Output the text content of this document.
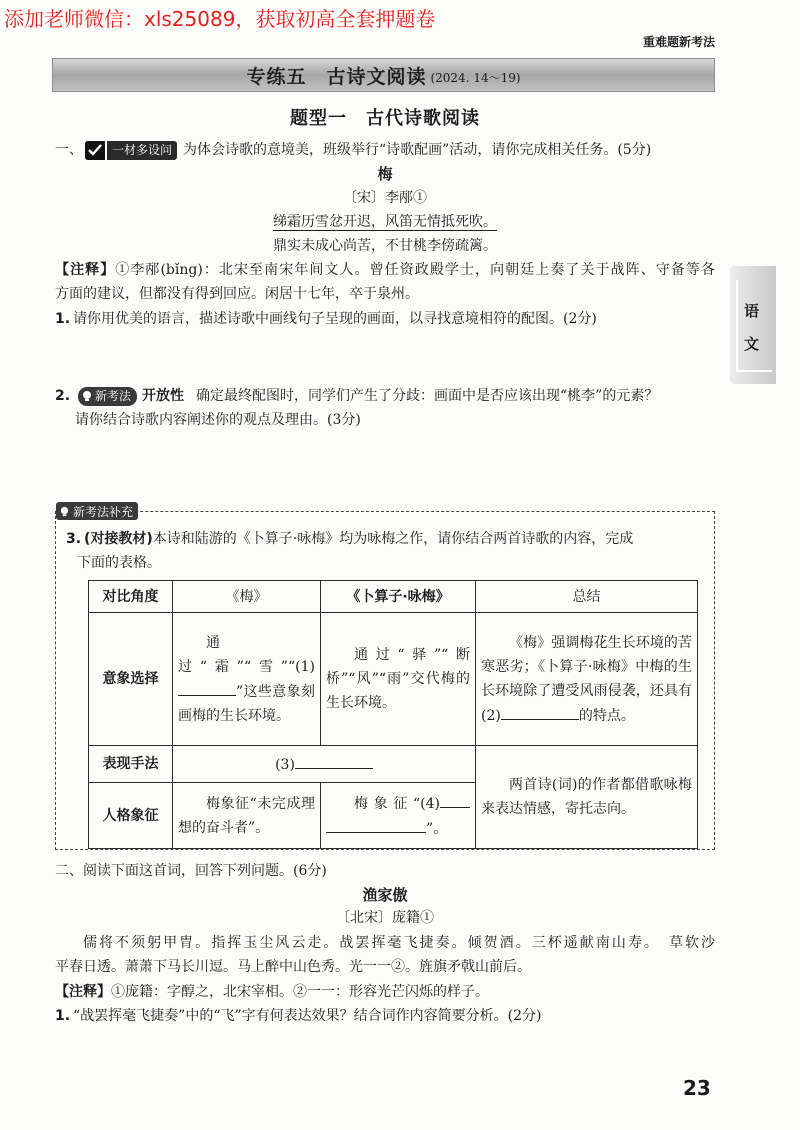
添加老师微信：xls25089，获取初高全套押题卷
重难题新考法
专练五　古诗文阅读 (2024. 14～19)
题型一　古代诗歌阅读
一、	一材多设问 为体会诗歌的意境美，班级举行“诗歌配画”活动，请你完成相关任务。(5分)
梅
〔宋〕李邴①
绨霜历雪忿开迟，风笛无情抵死吹。
鼎实未成心尚苦，不甘桃李傍疏篱。
【注释】①李邴(bǐng)：北宋至南宋年间文人。曾任资政殿学士，向朝廷上奏了关于战阵、守备等各
方面的建议，但都没有得到回应。闲居十七年，卒于泉州。
1. 请你用优美的语言，描述诗歌中画线句子呈现的画面，以寻找意境相符的配图。(2分)
2. 新考法 开放性 确定最终配图时，同学们产生了分歧：画面中是否应该出现“桃李”的元素？
请你结合诗歌内容阐述你的观点及理由。(3分)
新考法补充
3. (对接教材) 本诗和陆游的《卜算子·咏梅》均为咏梅之作，请你结合两首诗歌的内容，完成
下面的表格。
对比角度	《梅》	《卜算子·咏梅》	总结
意象选择	通过“霜”“雪”“(1)”这些意象刻画梅的生长环境。	通过“驿”“断桥”“风”“雨”交代梅的生长环境。	《梅》强调梅花生长环境的苦寒恶劣；《卜算子·咏梅》中梅的生长环境除了遭受风雨侵袭，还具有(2) 的特点。
表现手法	(3)		两首诗(词)的作者都借歌咏梅来表达情感，寄托志向。
人格象征	梅象征“未完成理想的奋斗者”。	梅象征“(4)”。	
二、阅读下面这首词，回答下列问题。(6分)
渔家傲
〔北宋〕庞籍①
儒将不须躬甲胄。指挥玉尘风云走。战罢挥毫飞捷奏。倾贺酒。三杯遥献南山寿。　草软沙
平春日透。萧萧下马长川逗。马上醉中山色秀。光一一②。旌旗矛戟山前后。
【注释】①庞籍：字醇之，北宋宰相。②一一：形容光芒闪烁的样子。
1. “战罢挥毫飞捷奏”中的“飞”字有何表达效果？结合词作内容简要分析。(2分)
语
文
23
